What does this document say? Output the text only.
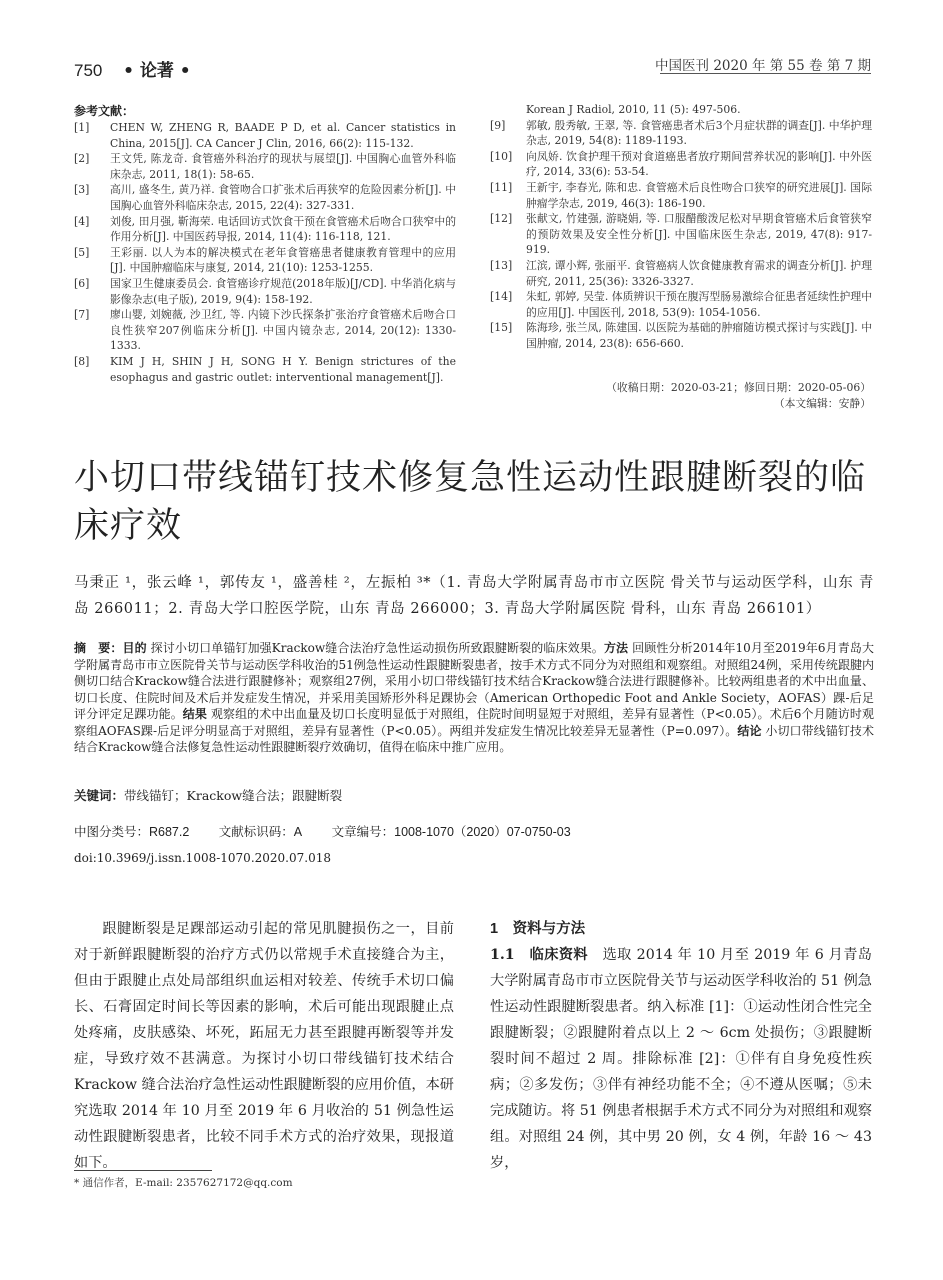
750 • 论著 •	中国医刊 2020 年 第 55 卷 第 7 期
参考文献：
[1]	CHEN W, ZHENG R, BAADE P D, et al. Cancer statistics in China, 2015[J]. CA Cancer J Clin, 2016, 66(2): 115-132.
[2]	王文凭, 陈龙奇. 食管癌外科治疗的现状与展望[J]. 中国胸心血管外科临床杂志, 2011, 18(1): 58-65.
[3]	高川, 盛冬生, 黄乃祥. 食管吻合口扩张术后再狭窄的危险因素分析[J]. 中国胸心血管外科临床杂志, 2015, 22(4): 327-331.
[4]	刘俊, 田月强, 靳海荣. 电话回访式饮食干预在食管癌术后吻合口狭窄中的作用分析[J]. 中国医药导报, 2014, 11(4): 116-118, 121.
[5]	王彩丽. 以人为本的解决模式在老年食管癌患者健康教育管理中的应用[J]. 中国肿瘤临床与康复, 2014, 21(10): 1253-1255.
[6]	国家卫生健康委员会. 食管癌诊疗规范(2018年版)[J/CD]. 中华消化病与影像杂志(电子版), 2019, 9(4): 158-192.
[7]	廖山婴, 刘婉薇, 沙卫红, 等. 内镜下沙氏探条扩张治疗食管癌术后吻合口良性狭窄207例临床分析[J]. 中国内镜杂志, 2014, 20(12): 1330-1333.
[8]	KIM J H, SHIN J H, SONG H Y. Benign strictures of the esophagus and gastric outlet: interventional management[J].
Korean J Radiol, 2010, 11 (5): 497-506.
[9]	郭敏, 殷秀敏, 王翠, 等. 食管癌患者术后3个月症状群的调查[J]. 中华护理杂志, 2019, 54(8): 1189-1193.
[10]	向凤娇. 饮食护理干预对食道癌患者放疗期间营养状况的影响[J]. 中外医疗, 2014, 33(6): 53-54.
[11]	王新宇, 李春光, 陈和忠. 食管癌术后良性吻合口狭窄的研究进展[J]. 国际肿瘤学杂志, 2019, 46(3): 186-190.
[12]	张献文, 竹建强, 游晓娟, 等. 口服醋酸泼尼松对早期食管癌术后食管狭窄的预防效果及安全性分析[J]. 中国临床医生杂志, 2019, 47(8): 917-919.
[13]	江滨, 谭小辉, 张丽平. 食管癌病人饮食健康教育需求的调查分析[J]. 护理研究, 2011, 25(36): 3326-3327.
[14]	朱虹, 郭婷, 吴莹. 体质辨识干预在腹泻型肠易激综合征患者延续性护理中的应用[J]. 中国医刊, 2018, 53(9): 1054-1056.
[15]	陈海珍, 张兰凤, 陈建国. 以医院为基础的肿瘤随访模式探讨与实践[J]. 中国肿瘤, 2014, 23(8): 656-660.
（收稿日期：2020-03-21；修回日期：2020-05-06）
（本文编辑：安静）
小切口带线锚钉技术修复急性运动性跟腱断裂的临床疗效
马秉正 ¹，张云峰 ¹，郭传友 ¹，盛善桂 ²，左振柏 ³*（1. 青岛大学附属青岛市市立医院 骨关节与运动医学科，山东 青岛 266011；2. 青岛大学口腔医学院，山东 青岛 266000；3. 青岛大学附属医院 骨科，山东 青岛 266101）
摘　要：目的 探讨小切口单锚钉加强Krackow缝合法治疗急性运动损伤所致跟腱断裂的临床效果。方法 回顾性分析2014年10月至2019年6月青岛大学附属青岛市市立医院骨关节与运动医学科收治的51例急性运动性跟腱断裂患者，按手术方式不同分为对照组和观察组。对照组24例，采用传统跟腱内侧切口结合Krackow缝合法进行跟腱修补；观察组27例，采用小切口带线锚钉技术结合Krackow缝合法进行跟腱修补。比较两组患者的术中出血量、切口长度、住院时间及术后并发症发生情况，并采用美国矫形外科足踝协会（American Orthopedic Foot and Ankle Society，AOFAS）踝-后足评分评定足踝功能。结果 观察组的术中出血量及切口长度明显低于对照组，住院时间明显短于对照组，差异有显著性（P<0.05）。术后6个月随访时观察组AOFAS踝-后足评分明显高于对照组，差异有显著性（P<0.05）。两组并发症发生情况比较差异无显著性（P=0.097）。结论 小切口带线锚钉技术结合Krackow缝合法修复急性运动性跟腱断裂疗效确切，值得在临床中推广应用。
关键词：带线锚钉；Krackow缝合法；跟腱断裂
中图分类号：R687.2 文献标识码：A 文章编号：1008-1070（2020）07-0750-03
doi:10.3969/j.issn.1008-1070.2020.07.018
跟腱断裂是足踝部运动引起的常见肌腱损伤之一，目前对于新鲜跟腱断裂的治疗方式仍以常规手术直接缝合为主，但由于跟腱止点处局部组织血运相对较差、传统手术切口偏长、石膏固定时间长等因素的影响，术后可能出现跟腱止点处疼痛，皮肤感染、坏死，跖屈无力甚至跟腱再断裂等并发症，导致疗效不甚满意。为探讨小切口带线锚钉技术结合 Krackow 缝合法治疗急性运动性跟腱断裂的应用价值，本研究选取 2014 年 10 月至 2019 年 6 月收治的 51 例急性运动性跟腱断裂患者，比较不同手术方式的治疗效果，现报道如下。
1　资料与方法
1.1　临床资料　 选取 2014 年 10 月至 2019 年 6 月青岛大学附属青岛市市立医院骨关节与运动医学科收治的 51 例急性运动性跟腱断裂患者。纳入标准 [1]：①运动性闭合性完全跟腱断裂；②跟腱附着点以上 2 ～ 6cm 处损伤；③跟腱断裂时间不超过 2 周。排除标准 [2]：①伴有自身免疫性疾病；②多发伤；③伴有神经功能不全；④不遵从医嘱；⑤未完成随访。将 51 例患者根据手术方式不同分为对照组和观察组。对照组 24 例，其中男 20 例，女 4 例，年龄 16 ～ 43 岁，
* 通信作者，E-mail: 2357627172@qq.com
